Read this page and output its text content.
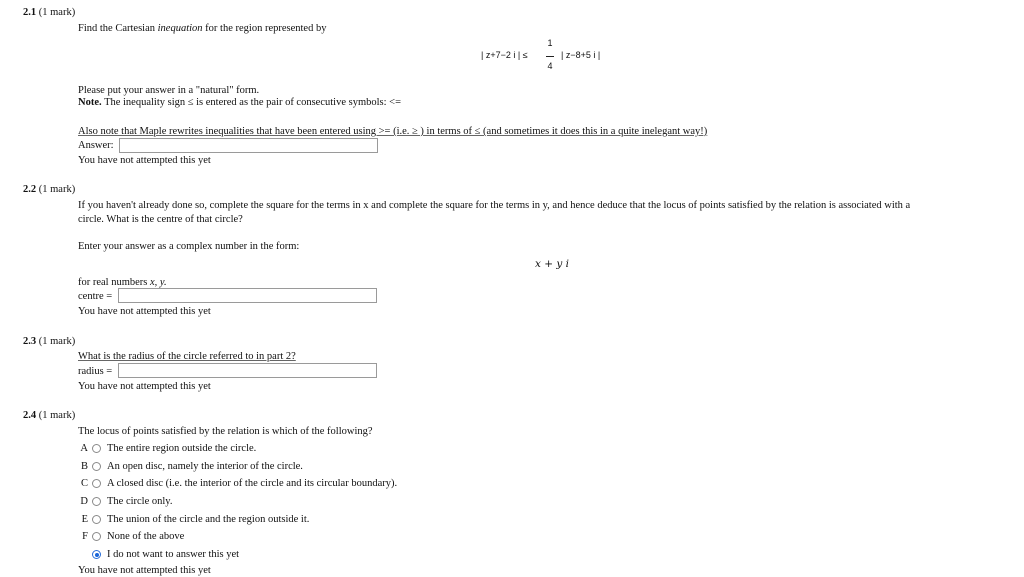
2.1 (1 mark)
Find the Cartesian inequation for the region represented by
| z+7−2 i | ≤
1
4
| z−8+5 i |
Please put your answer in a "natural" form.
Note. The inequality sign ≤ is entered as the pair of consecutive symbols: <=
Also note that Maple rewrites inequalities that have been entered using >= (i.e. ≥ ) in terms of ≤ (and sometimes it does this in a quite inelegant way!)
Answer:
You have not attempted this yet
2.2 (1 mark)
If you haven't already done so, complete the square for the terms in x and complete the square for the terms in y, and hence deduce that the locus of points satisfied by the relation is associated with a
circle. What is the centre of that circle?
Enter your answer as a complex number in the form:
x + y i
for real numbers x, y.
centre =
You have not attempted this yet
2.3 (1 mark)
What is the radius of the circle referred to in part 2?
radius =
You have not attempted this yet
2.4 (1 mark)
The locus of points satisfied by the relation is which of the following?
A The entire region outside the circle.
B An open disc, namely the interior of the circle.
C A closed disc (i.e. the interior of the circle and its circular boundary).
D The circle only.
E The union of the circle and the region outside it.
F None of the above
I do not want to answer this yet
You have not attempted this yet
